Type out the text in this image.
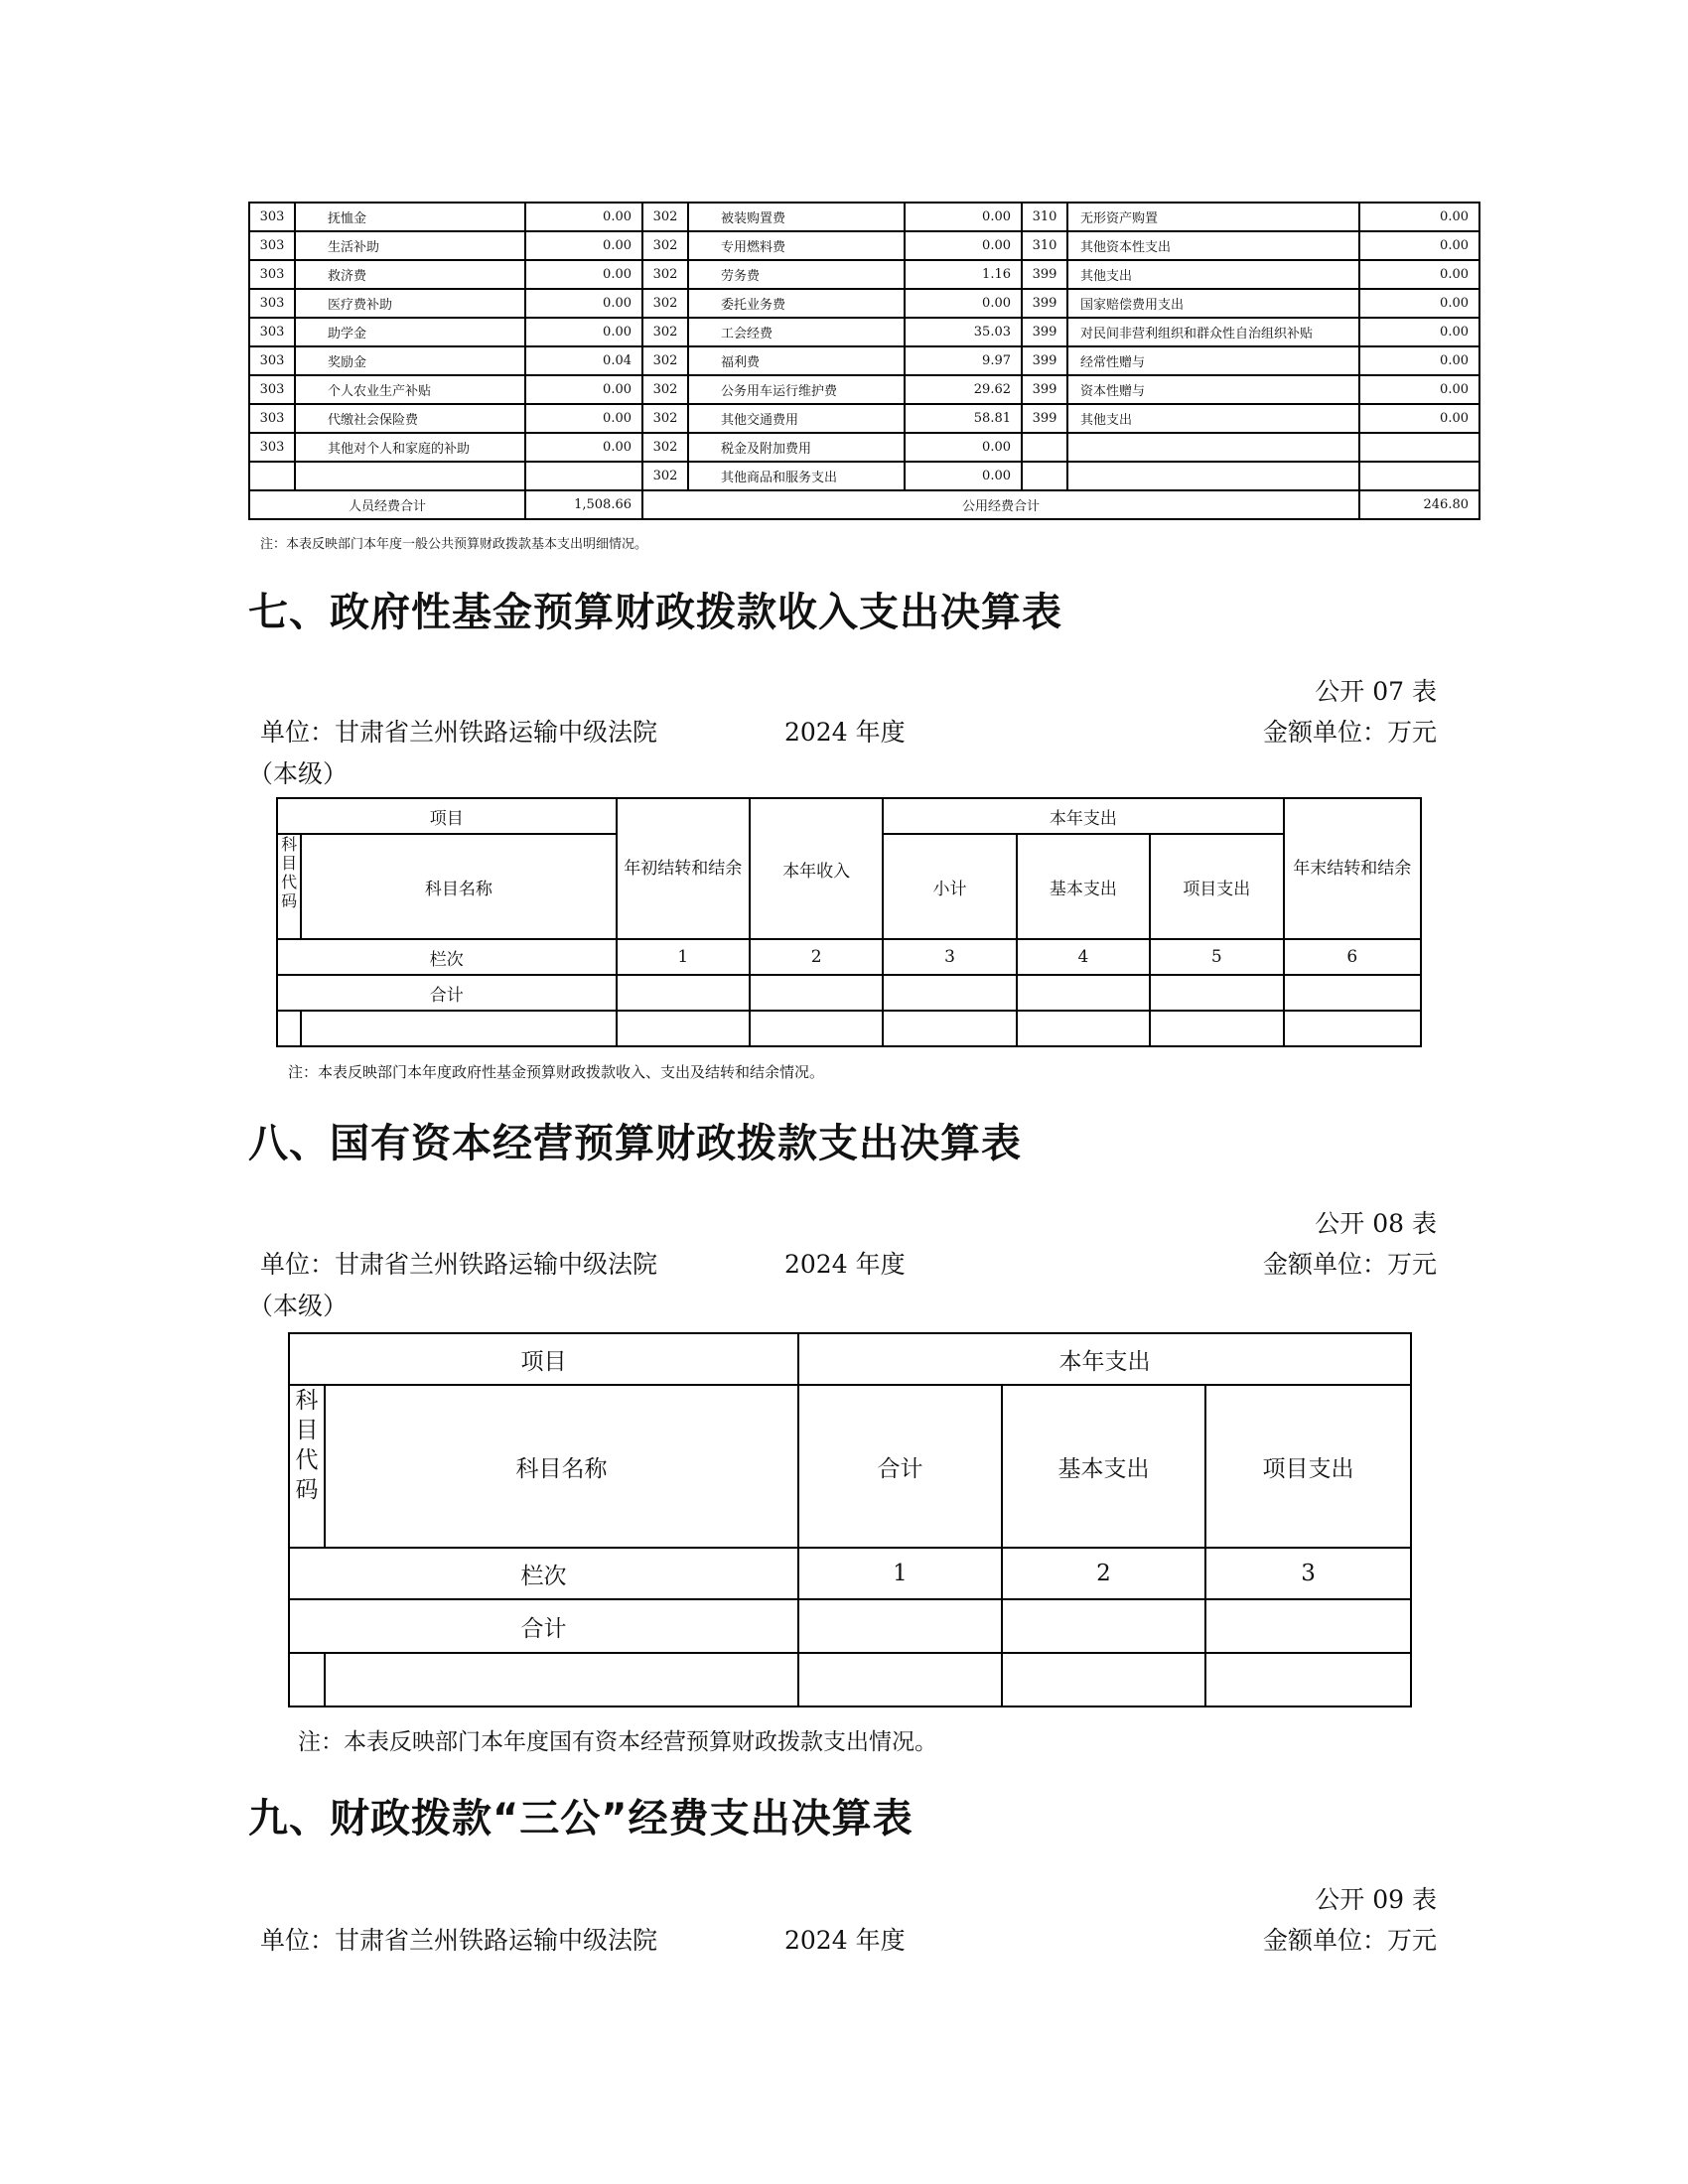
303	抚恤金	0.00	302	被装购置费	0.00	310	无形资产购置	0.00
303	生活补助	0.00	302	专用燃料费	0.00	310	其他资本性支出	0.00
303	救济费	0.00	302	劳务费	1.16	399	其他支出	0.00
303	医疗费补助	0.00	302	委托业务费	0.00	399	国家赔偿费用支出	0.00
303	助学金	0.00	302	工会经费	35.03	399	对民间非营利组织和群众性自治组织补贴	0.00
303	奖励金	0.04	302	福利费	9.97	399	经常性赠与	0.00
303	个人农业生产补贴	0.00	302	公务用车运行维护费	29.62	399	资本性赠与	0.00
303	代缴社会保险费	0.00	302	其他交通费用	58.81	399	其他支出	0.00
303	其他对个人和家庭的补助	0.00	302	税金及附加费用	0.00			
			302	其他商品和服务支出	0.00			
人员经费合计		1,508.66	公用经费合计					246.80
注：本表反映部门本年度一般公共预算财政拨款基本支出明细情况。
七、政府性基金预算财政拨款收入支出决算表
公开 07 表
单位：甘肃省兰州铁路运输中级法院	2024 年度	金额单位：万元
（本级）
项目		年初结转和结余	本年收入	本年支出			年末结转和结余
科目代码	科目名称			小计	基本支出	项目支出	
栏次		1	2	3	4	5	6
合计							

注：本表反映部门本年度政府性基金预算财政拨款收入、支出及结转和结余情况。
八、国有资本经营预算财政拨款支出决算表
公开 08 表
单位：甘肃省兰州铁路运输中级法院	2024 年度	金额单位：万元
（本级）
项目		本年支出		
科目代码	科目名称	合计	基本支出	项目支出
栏次		1	2	3
合计				

注：本表反映部门本年度国有资本经营预算财政拨款支出情况。
九、财政拨款“三公”经费支出决算表
公开 09 表
单位：甘肃省兰州铁路运输中级法院	2024 年度	金额单位：万元
